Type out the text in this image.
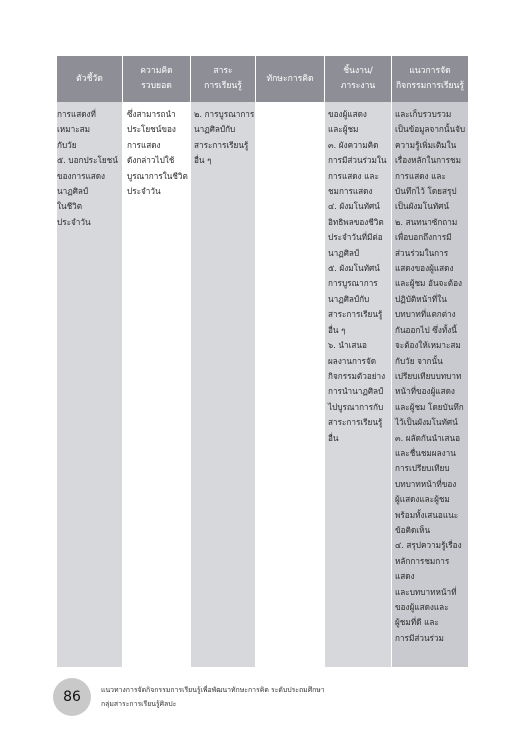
ตัวชี้วัด
ความคิด
รวบยอด
สาระ
การเรียนรู้
ทักษะการคิด
ชิ้นงาน/
ภาระงาน
แนวการจัด
กิจกรรมการเรียนรู้
การแสดงที่
เหมาะสม
กับวัย
๕. บอกประโยชน์
ของการแสดง
นาฏศิลป์
ในชีวิต
ประจำวัน
ซึ่งสามารถนำ
ประโยชน์ของ
การแสดง
ดังกล่าวไปใช้
บูรณาการในชีวิต
ประจำวัน
๒. การบูรณาการ
นาฏศิลป์กับ
สาระการเรียนรู้
อื่น ๆ
ของผู้แสดง
และผู้ชม
๓. ผังความคิด
การมีส่วนร่วมใน
การแสดง และ
ชมการแสดง
๔. ผังมโนทัศน์
อิทธิพลของชีวิต
ประจำวันที่มีต่อ
นาฏศิลป์
๕. ผังมโนทัศน์
การบูรณาการ
นาฏศิลป์กับ
สาระการเรียนรู้
อื่น ๆ
๖. นำเสนอ
ผลงานการจัด
กิจกรรมตัวอย่าง
การนำนาฏศิลป์
ไปบูรณาการกับ
สาระการเรียนรู้
อื่น
และเก็บรวบรวม
เป็นข้อมูลจากนั้นจับ
ความรู้เพิ่มเติมใน
เรื่องหลักในการชม
การแสดง และ
บันทึกไว้ โดยสรุป
เป็นผังมโนทัศน์
๒. สนทนาซักถาม
เพื่อบอกถึงการมี
ส่วนร่วมในการ
แสดงของผู้แสดง
และผู้ชม อันจะต้อง
ปฏิบัติหน้าที่ใน
บทบาทที่แตกต่าง
กันออกไป ซึ่งทั้งนี้
จะต้องให้เหมาะสม
กับวัย จากนั้น
เปรียบเทียบบทบาท
หน้าที่ของผู้แสดง
และผู้ชม โดยบันทึก
ไว้เป็นผังมโนทัศน์
๓. ผลัดกันนำเสนอ
และชื่นชมผลงาน
การเปรียบเทียบ
บทบาทหน้าที่ของ
ผู้แสดงและผู้ชม
พร้อมทั้งเสนอแนะ
ข้อคิดเห็น
๔. สรุปความรู้เรื่อง
หลักการชมการแสดง
และบทบาทหน้าที่
ของผู้แสดงและ
ผู้ชมที่ดี และ
การมีส่วนร่วม
86	แนวทางการจัดกิจกรรมการเรียนรู้เพื่อพัฒนาทักษะการคิด ระดับประถมศึกษา
กลุ่มสาระการเรียนรู้ศิลปะ
